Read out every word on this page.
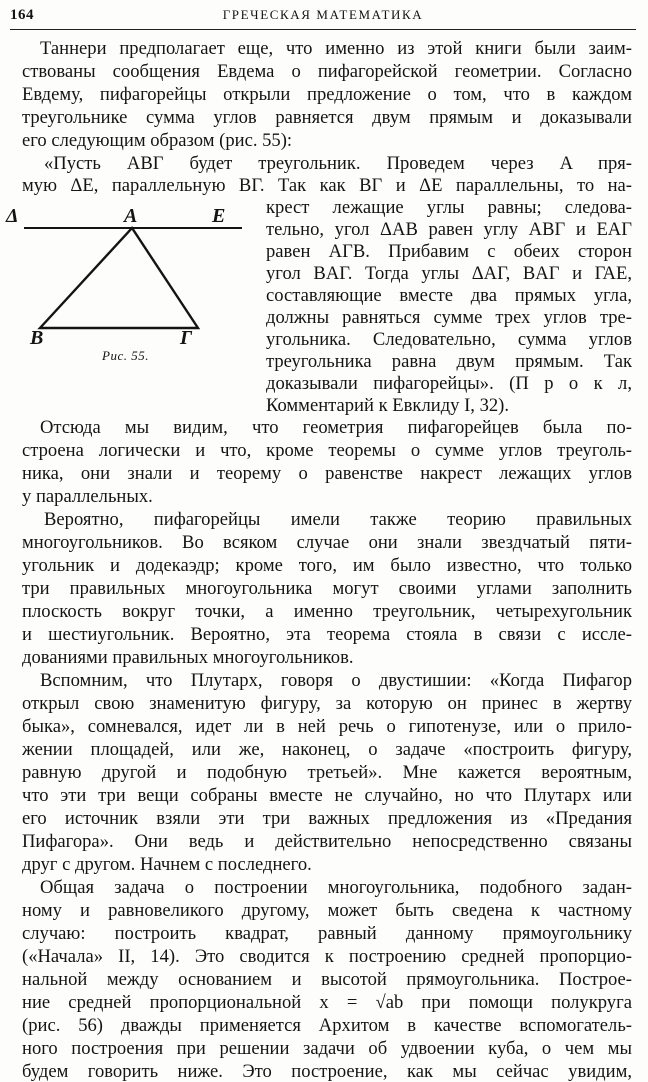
164	ГРЕЧЕСКАЯ МАТЕМАТИКА
Δ	A	E
B	Г
Рис. 55.
Таннери предполагает еще, что именно из этой книги были заим-
ствованы сообщения Евдема о пифагорейской геометрии. Согласно
Евдему, пифагорейцы открыли предложение о том, что в каждом
треугольнике сумма углов равняется двум прямым и доказывали
его следующим образом (рис. 55):
«Пусть ΑΒΓ будет треугольник. Проведем через Α пря-
мую ΔΕ, параллельную ΒΓ. Так как ΒΓ и ΔΕ параллельны, то на-
крест лежащие углы равны; следова-
тельно, угол ΔΑΒ равен углу ΑΒΓ и ΕΑΓ
равен ΑΓΒ. Прибавим с обеих сторон
угол ΒΑΓ. Тогда углы ΔΑΓ, ΒΑΓ и ΓΑΕ,
составляющие вместе два прямых угла,
должны равняться сумме трех углов тре-
угольника. Следовательно, сумма углов
треугольника равна двум прямым. Так
доказывали пифагорейцы». (П р о к л,
Комментарий к Евклиду I, 32).
Отсюда мы видим, что геометрия пифагорейцев была по-
строена логически и что, кроме теоремы о сумме углов треуголь-
ника, они знали и теорему о равенстве накрест лежащих углов
у параллельных.
Вероятно, пифагорейцы имели также теорию правильных
многоугольников. Во всяком случае они знали звездчатый пяти-
угольник и додекаэдр; кроме того, им было известно, что только
три правильных многоугольника могут своими углами заполнить
плоскость вокруг точки, а именно треугольник, четырехугольник
и шестиугольник. Вероятно, эта теорема стояла в связи с иссле-
дованиями правильных многоугольников.
Вспомним, что Плутарх, говоря о двустишии: «Когда Пифагор
открыл свою знаменитую фигуру, за которую он принес в жертву
быка», сомневался, идет ли в ней речь о гипотенузе, или о прило-
жении площадей, или же, наконец, о задаче «построить фигуру,
равную другой и подобную третьей». Мне кажется вероятным,
что эти три вещи собраны вместе не случайно, но что Плутарх или
его источник взяли эти три важных предложения из «Предания
Пифагора». Они ведь и действительно непосредственно связаны
друг с другом. Начнем с последнего.
Общая задача о построении многоугольника, подобного задан-
ному и равновеликого другому, может быть сведена к частному
случаю: построить квадрат, равный данному прямоугольнику
(«Начала» II, 14). Это сводится к построению средней пропорцио-
нальной между основанием и высотой прямоугольника. Построе-
ние средней пропорциональной x = √ab при помощи полукруга
(рис. 56) дважды применяется Архитом в качестве вспомогатель-
ного построения при решении задачи об удвоении куба, о чем мы
будем говорить ниже. Это построение, как мы сейчас увидим,
